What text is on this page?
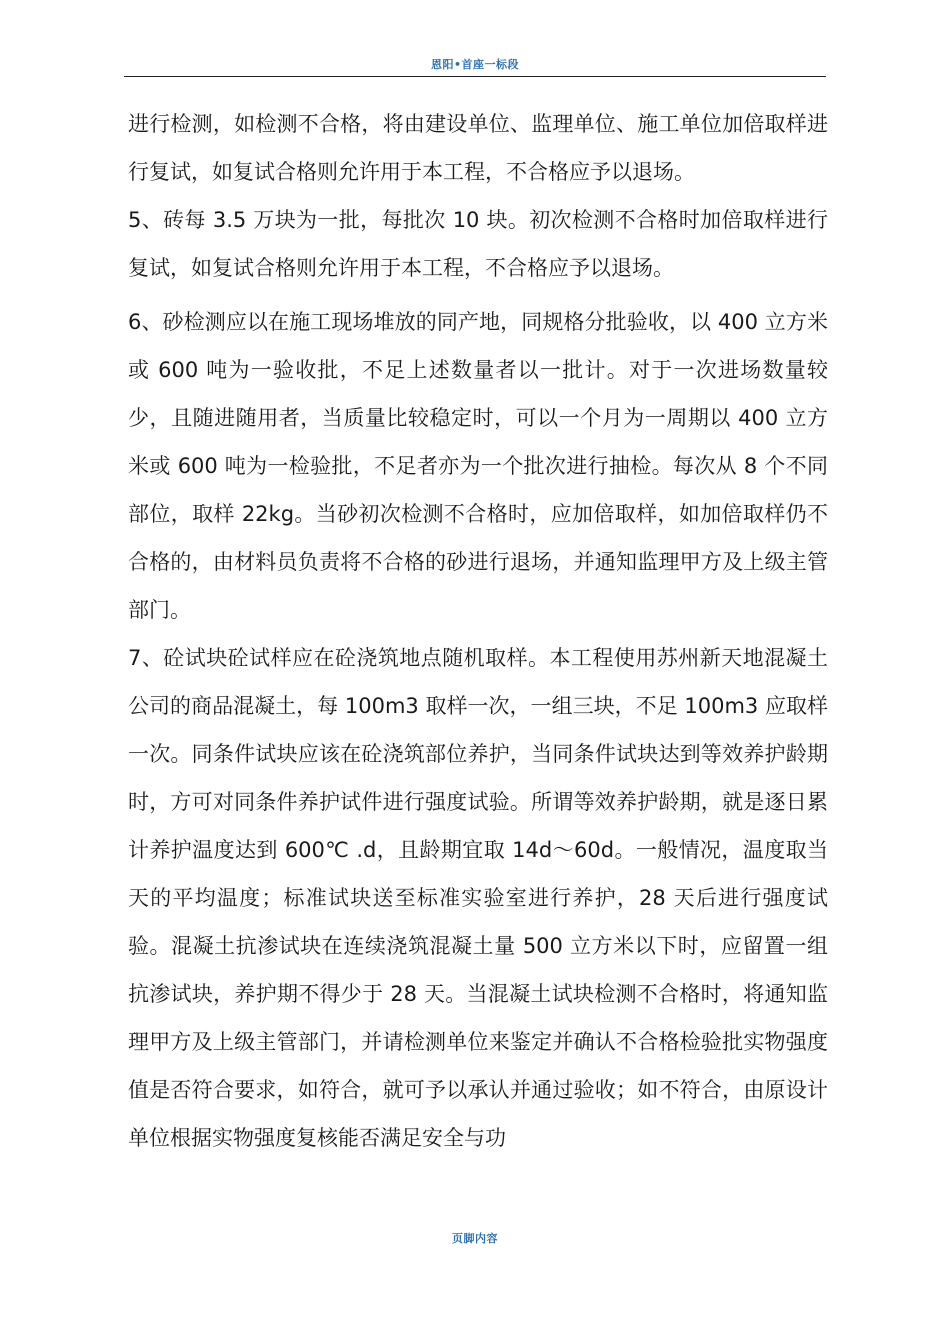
恩阳•首座一标段

进行检测，如检测不合格，将由建设单位、监理单位、施工单位加倍取样进行复试，如复试合格则允许用于本工程，不合格应予以退场。

5、砖每 3.5 万块为一批，每批次 10 块。初次检测不合格时加倍取样进行复试，如复试合格则允许用于本工程，不合格应予以退场。

6、砂检测应以在施工现场堆放的同产地，同规格分批验收，以 400 立方米或 600 吨为一验收批，不足上述数量者以一批计。对于一次进场数量较少，且随进随用者，当质量比较稳定时，可以一个月为一周期以 400 立方米或 600 吨为一检验批，不足者亦为一个批次进行抽检。每次从 8 个不同部位，取样 22kg。当砂初次检测不合格时，应加倍取样，如加倍取样仍不合格的，由材料员负责将不合格的砂进行退场，并通知监理甲方及上级主管部门。

7、砼试块砼试样应在砼浇筑地点随机取样。本工程使用苏州新天地混凝土公司的商品混凝土，每 100m3 取样一次，一组三块，不足 100m3 应取样一次。同条件试块应该在砼浇筑部位养护，当同条件试块达到等效养护龄期时，方可对同条件养护试件进行强度试验。所谓等效养护龄期，就是逐日累计养护温度达到 600℃ .d，且龄期宜取 14d～60d。一般情况，温度取当天的平均温度；标准试块送至标准实验室进行养护，28 天后进行强度试验。混凝土抗渗试块在连续浇筑混凝土量 500 立方米以下时，应留置一组抗渗试块，养护期不得少于 28 天。当混凝土试块检测不合格时，将通知监理甲方及上级主管部门，并请检测单位来鉴定并确认不合格检验批实物强度值是否符合要求，如符合，就可予以承认并通过验收；如不符合，由原设计单位根据实物强度复核能否满足安全与功

页脚内容
